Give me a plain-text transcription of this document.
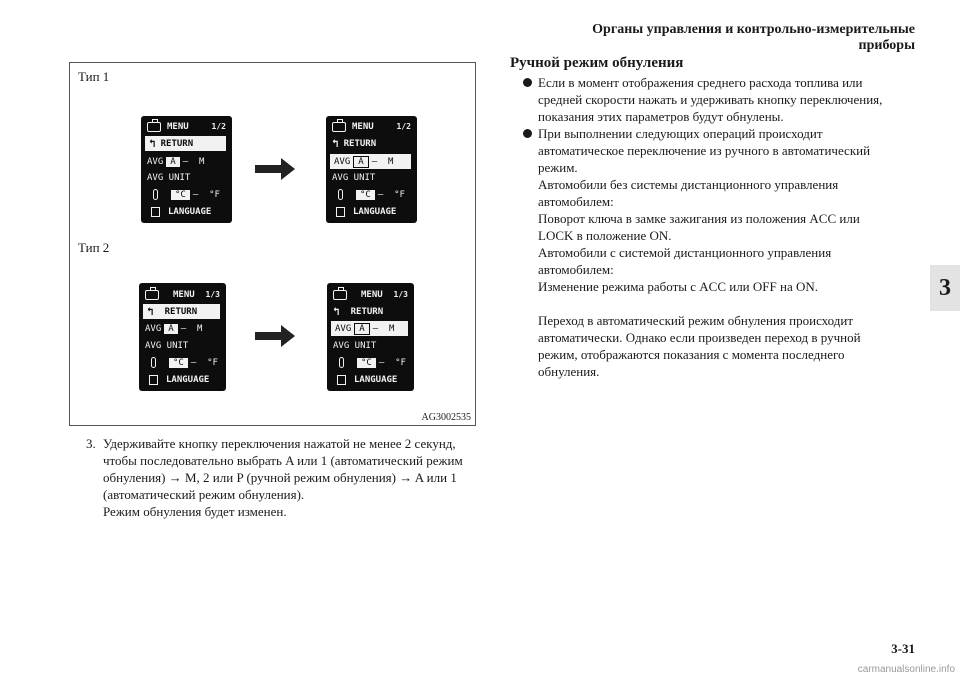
Органы управления и контрольно-измерительные приборы
3
Тип 1
Тип 2
MENU	1/2
↰ RETURN
AVG A –
M
AVG UNIT
°C –
°F
LANGUAGE
MENU	1/2
↰ RETURN
AVG A –
M
AVG UNIT
°C –
°F
LANGUAGE
MENU 1/3
↰ RETURN
AVG A –
M
AVG UNIT
°C –
°F
LANGUAGE
MENU 1/3
↰ RETURN
AVG A –
M
AVG UNIT
°C –
°F
LANGUAGE
AG3002535
3. Удерживайте кнопку переключения нажатой не менее 2 секунд,
чтобы последовательно выбрать A или 1 (автоматический режим
обнуления) → M, 2 или P (ручной режим обнуления) → A или 1
(автоматический режим обнуления).
Режим обнуления будет изменен.
Ручной режим обнуления
Если в момент отображения среднего расхода топлива или
средней скорости нажать и удерживать кнопку переключения,
показания этих параметров будут обнулены.
При выполнении следующих операций происходит
автоматическое переключение из ручного в автоматический
режим.
Автомобили без системы дистанционного управления
автомобилем:
Поворот ключа в замке зажигания из положения ACC или
LOCK в положение ON.
Автомобили с системой дистанционного управления
автомобилем:
Изменение режима работы с ACC или OFF на ON.
Переход в автоматический режим обнуления происходит
автоматически. Однако если произведен переход в ручной
режим, отображаются показания с момента последнего
обнуления.
3-31
carmanualsonline.info
